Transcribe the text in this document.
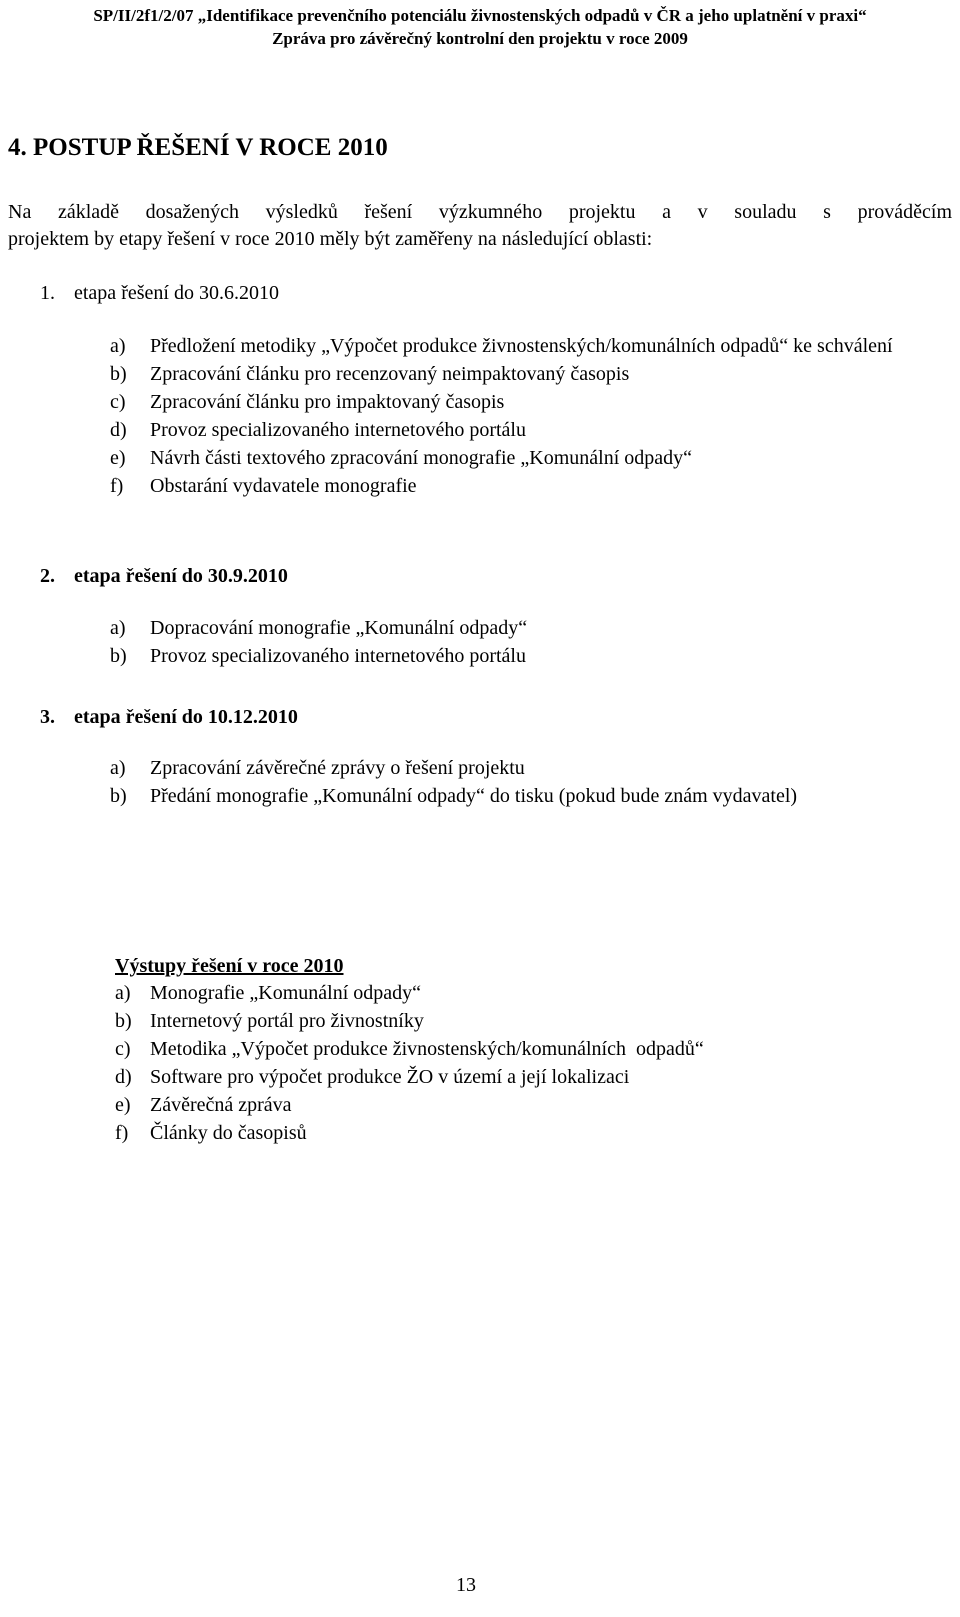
SP/II/2f1/2/07 „Identifikace prevenčního potenciálu živnostenských odpadů v ČR a jeho uplatnění v praxi“
Zpráva pro závěrečný kontrolní den projektu v roce 2009
4. POSTUP ŘEŠENÍ V ROCE 2010
Na základě dosažených výsledků řešení výzkumného projektu a v souladu s prováděcím
projektem by etapy řešení v roce 2010 měly být zaměřeny na následující oblasti:
1. etapa řešení do 30.6.2010
a) Předložení metodiky „Výpočet produkce živnostenských/komunálních odpadů“ ke schválení
b) Zpracování článku pro recenzovaný neimpaktovaný časopis
c) Zpracování článku pro impaktovaný časopis
d) Provoz specializovaného internetového portálu
e) Návrh části textového zpracování monografie „Komunální odpady“
f) Obstarání vydavatele monografie
2. etapa řešení do 30.9.2010
a) Dopracování monografie „Komunální odpady“
b) Provoz specializovaného internetového portálu
3. etapa řešení do 10.12.2010
a) Zpracování závěrečné zprávy o řešení projektu
b) Předání monografie „Komunální odpady“ do tisku (pokud bude znám vydavatel)
Výstupy řešení v roce 2010
a) Monografie „Komunální odpady“
b) Internetový portál pro živnostníky
c) Metodika „Výpočet produkce živnostenských/komunálních  odpadů“
d) Software pro výpočet produkce ŽO v území a její lokalizaci
e) Závěrečná zpráva
f) Články do časopisů
13
